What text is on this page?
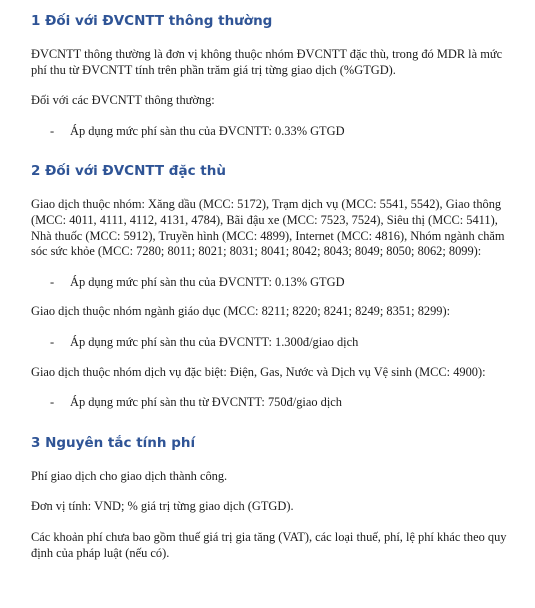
1 Đối với ĐVCNTT thông thường

ĐVCNTT thông thường là đơn vị không thuộc nhóm ĐVCNTT đặc thù, trong đó MDR là mức phí thu từ ĐVCNTT tính trên phần trăm giá trị từng giao dịch (%GTGD).

Đối với các ĐVCNTT thông thường:

- Áp dụng mức phí sàn thu của ĐVCNTT: 0.33% GTGD

2 Đối với ĐVCNTT đặc thù

Giao dịch thuộc nhóm: Xăng dầu (MCC: 5172), Trạm dịch vụ (MCC: 5541, 5542), Giao thông (MCC: 4011, 4111, 4112, 4131, 4784), Bãi đậu xe (MCC: 7523, 7524), Siêu thị (MCC: 5411), Nhà thuốc (MCC: 5912), Truyền hình (MCC: 4899), Internet (MCC: 4816), Nhóm ngành chăm sóc sức khỏe (MCC: 7280; 8011; 8021; 8031; 8041; 8042; 8043; 8049; 8050; 8062; 8099):

- Áp dụng mức phí sàn thu của ĐVCNTT: 0.13% GTGD

Giao dịch thuộc nhóm ngành giáo dục (MCC: 8211; 8220; 8241; 8249; 8351; 8299):

- Áp dụng mức phí sàn thu của ĐVCNTT: 1.300đ/giao dịch

Giao dịch thuộc nhóm dịch vụ đặc biệt: Điện, Gas, Nước và Dịch vụ Vệ sinh (MCC: 4900):

- Áp dụng mức phí sàn thu từ ĐVCNTT: 750đ/giao dịch

3 Nguyên tắc tính phí

Phí giao dịch cho giao dịch thành công.

Đơn vị tính: VND; % giá trị từng giao dịch (GTGD).

Các khoản phí chưa bao gồm thuế giá trị gia tăng (VAT), các loại thuế, phí, lệ phí khác theo quy định của pháp luật (nếu có).
